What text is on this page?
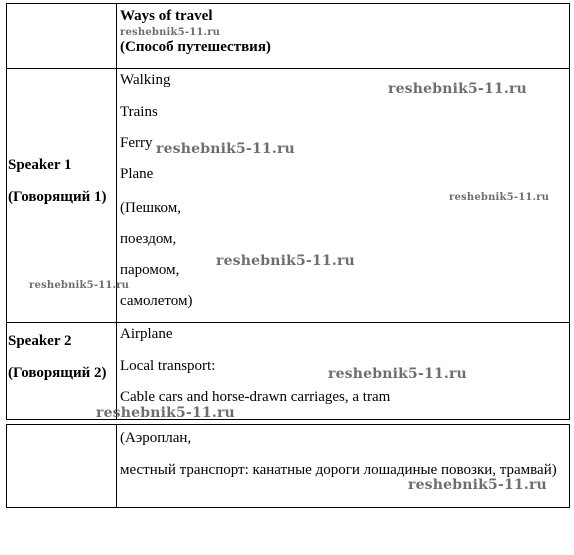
Ways of travel
reshebnik5-11.ru
(Способ путешествия)
Speaker 1
(Говорящий 1)
Walking
Trains
Ferry
Plane
(Пешком,
поездом,
паромом,
самолетом)
Speaker 2
(Говорящий 2)
Airplane
Local transport:
Cable cars and horse-drawn carriages, a tram
(Аэроплан,
местный транспорт: канатные дороги лошадиные повозки, трамвай)
reshebnik5-11.ru
reshebnik5-11.ru
reshebnik5-11.ru
reshebnik5-11.ru
reshebnik5-11.ru
reshebnik5-11.ru
reshebnik5-11.ru
reshebnik5-11.ru
